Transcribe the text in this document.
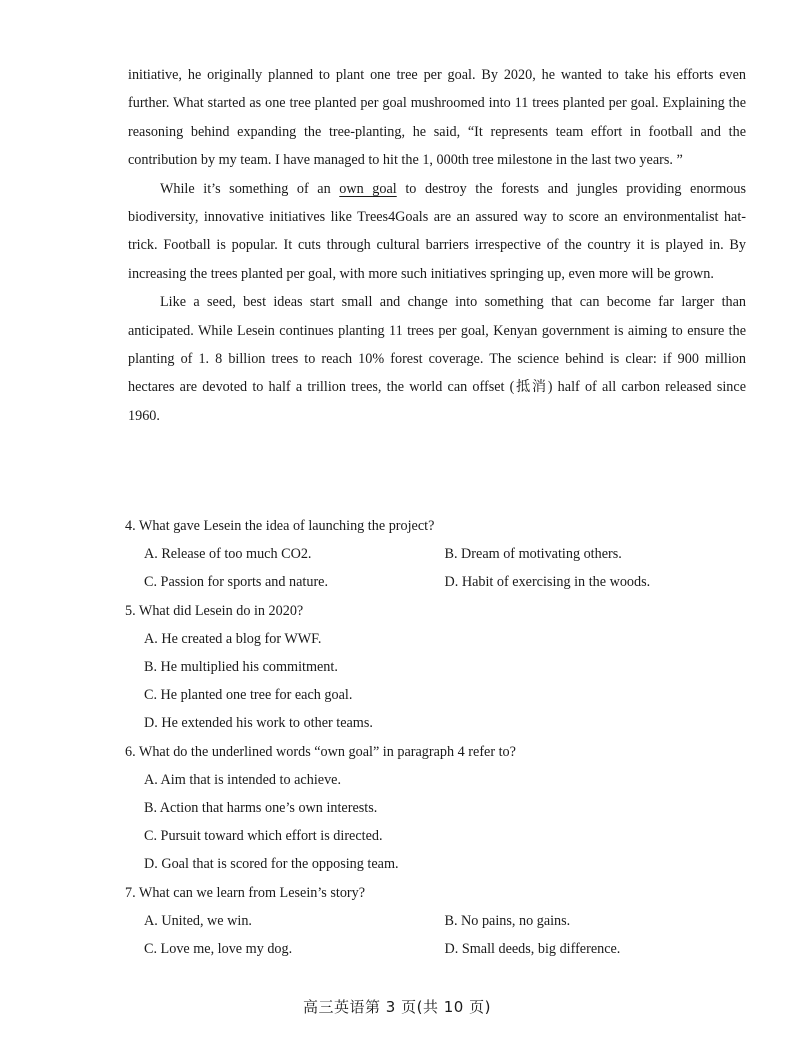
initiative, he originally planned to plant one tree per goal. By 2020, he wanted to take his efforts even further. What started as one tree planted per goal mushroomed into 11 trees planted per goal. Explaining the reasoning behind expanding the tree-planting, he said, “It represents team effort in football and the contribution by my team. I have managed to hit the 1, 000th tree milestone in the last two years. ”

While it’s something of an own goal to destroy the forests and jungles providing enormous biodiversity, innovative initiatives like Trees4Goals are an assured way to score an environmentalist hat-trick. Football is popular. It cuts through cultural barriers irrespective of the country it is played in. By increasing the trees planted per goal, with more such initiatives springing up, even more will be grown.

Like a seed, best ideas start small and change into something that can become far larger than anticipated. While Lesein continues planting 11 trees per goal, Kenyan government is aiming to ensure the planting of 1. 8 billion trees to reach 10% forest coverage. The science behind is clear: if 900 million hectares are devoted to half a trillion trees, the world can offset (抵消) half of all carbon released since 1960.

4. What gave Lesein the idea of launching the project?

A. Release of too much CO2.	B. Dream of motivating others.
C. Passion for sports and nature.	D. Habit of exercising in the woods.

5. What did Lesein do in 2020?

A. He created a blog for WWF.
B. He multiplied his commitment.
C. He planted one tree for each goal.
D. He extended his work to other teams.

6. What do the underlined words “own goal” in paragraph 4 refer to?

A. Aim that is intended to achieve.
B. Action that harms one’s own interests.
C. Pursuit toward which effort is directed.
D. Goal that is scored for the opposing team.

7. What can we learn from Lesein’s story?

A. United, we win.	B. No pains, no gains.
C. Love me, love my dog.	D. Small deeds, big difference.
高三英语第 3 页(共 10 页)
